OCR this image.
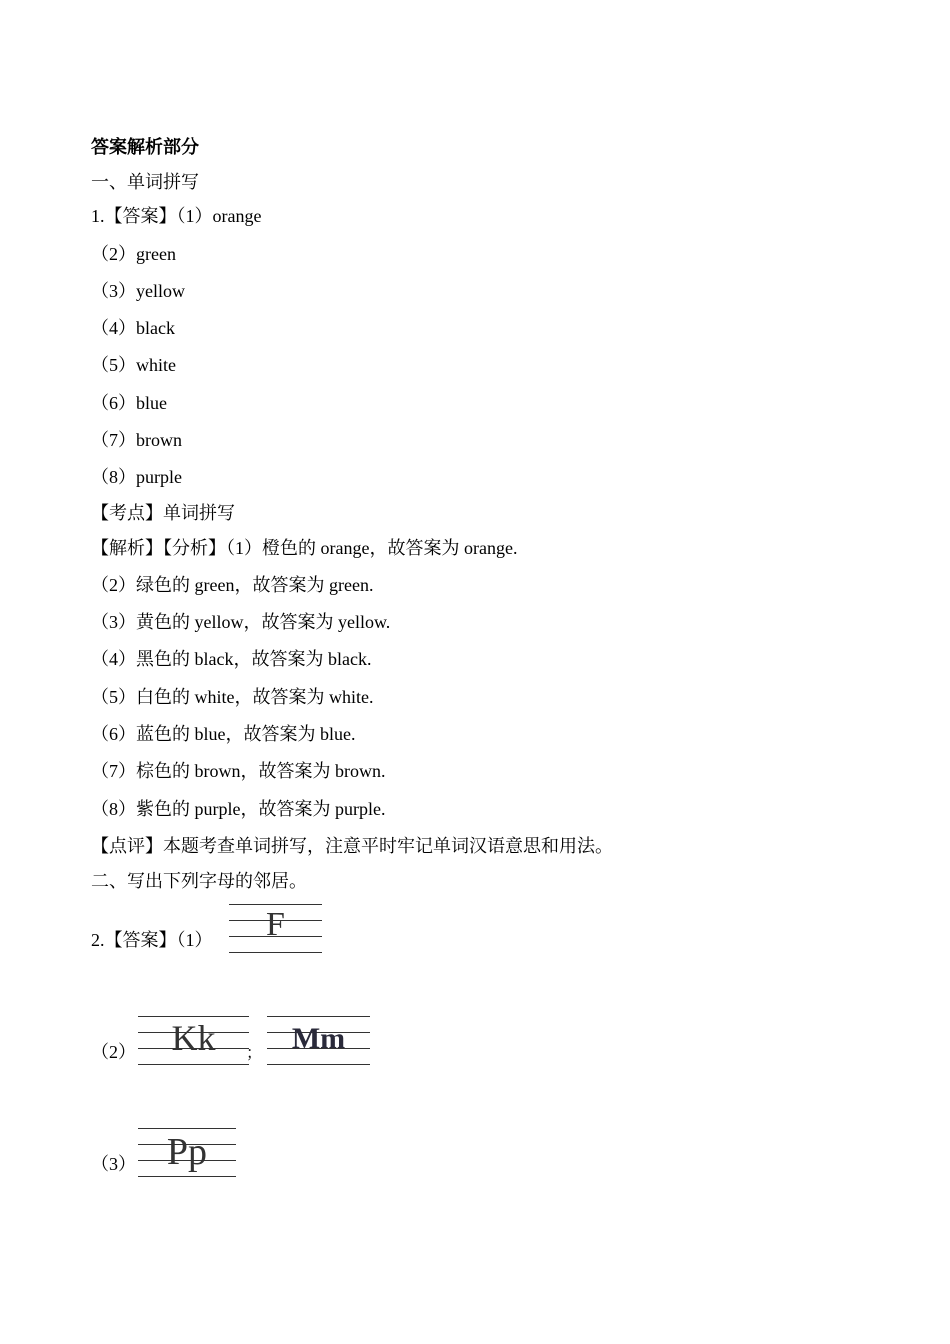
答案解析部分
一、单词拼写
1.【答案】（1）orange
（2）green
（3）yellow
（4）black
（5）white
（6）blue
（7）brown
（8）purple
【考点】单词拼写
【解析】【分析】（1）橙色的 orange，故答案为 orange.
（2）绿色的 green，故答案为 green.
（3）黄色的 yellow，故答案为 yellow.
（4）黑色的 black，故答案为 black.
（5）白色的 white，故答案为 white.
（6）蓝色的 blue，故答案为 blue.
（7）棕色的 brown，故答案为 brown.
（8）紫色的 purple，故答案为 purple.
【点评】本题考查单词拼写，注意平时牢记单词汉语意思和用法。
二、写出下列字母的邻居。
2.【答案】（1）	F
（2） Kk	； Mm
（3） Pp
